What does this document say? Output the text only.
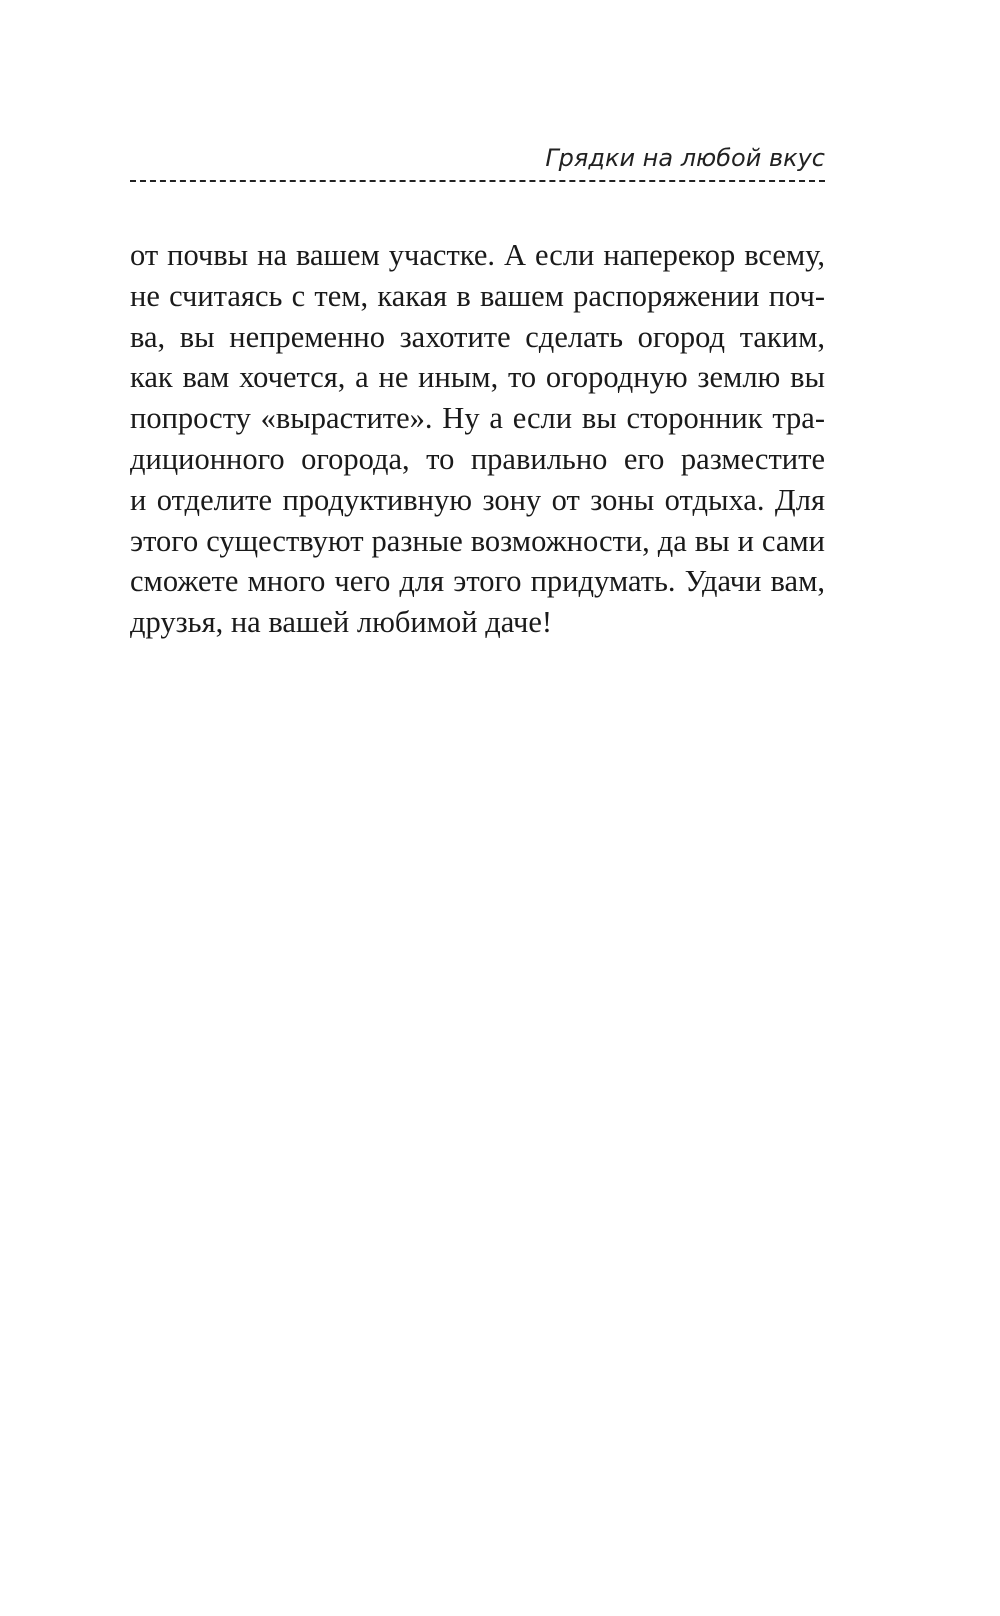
Грядки на любой вкус
от почвы на вашем участке. А если наперекор всему,
не считаясь с тем, какая в вашем распоряжении поч-
ва, вы непременно захотите сделать огород таким,
как вам хочется, а не иным, то огородную землю вы
попросту «вырастите». Ну а если вы сторонник тра-
диционного огорода, то правильно его разместите
и отделите продуктивную зону от зоны отдыха. Для
этого существуют разные возможности, да вы и сами
сможете много чего для этого придумать. Удачи вам,
друзья, на вашей любимой даче!
